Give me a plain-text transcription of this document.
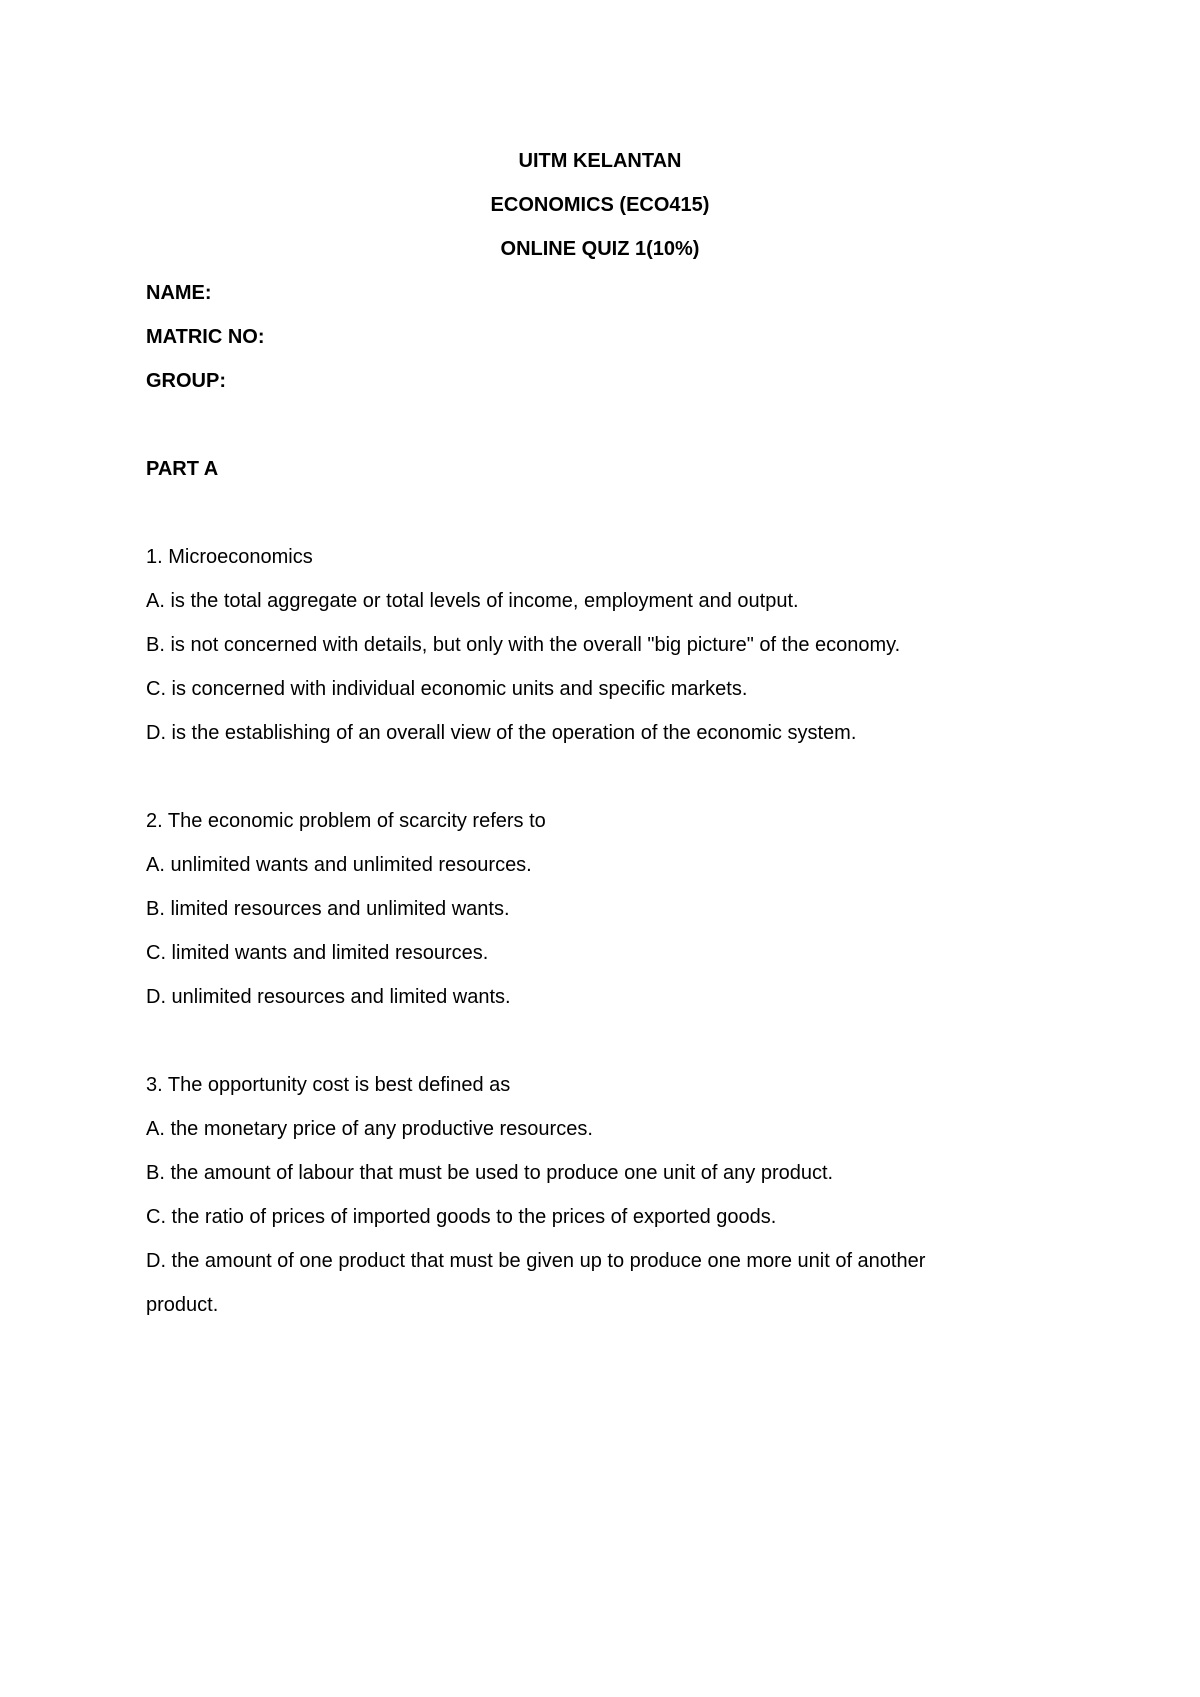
UITM KELANTAN
ECONOMICS (ECO415)
ONLINE QUIZ 1(10%)
NAME:
MATRIC NO:
GROUP:
PART A
1. Microeconomics
A. is the total aggregate or total levels of income, employment and output.
B. is not concerned with details, but only with the overall "big picture" of the economy.
C. is concerned with individual economic units and specific markets.
D. is the establishing of an overall view of the operation of the economic system.
2. The economic problem of scarcity refers to
A. unlimited wants and unlimited resources.
B. limited resources and unlimited wants.
C. limited wants and limited resources.
D. unlimited resources and limited wants.
3. The opportunity cost is best defined as
A. the monetary price of any productive resources.
B. the amount of labour that must be used to produce one unit of any product.
C. the ratio of prices of imported goods to the prices of exported goods.
D. the amount of one product that must be given up to produce one more unit of another product.
